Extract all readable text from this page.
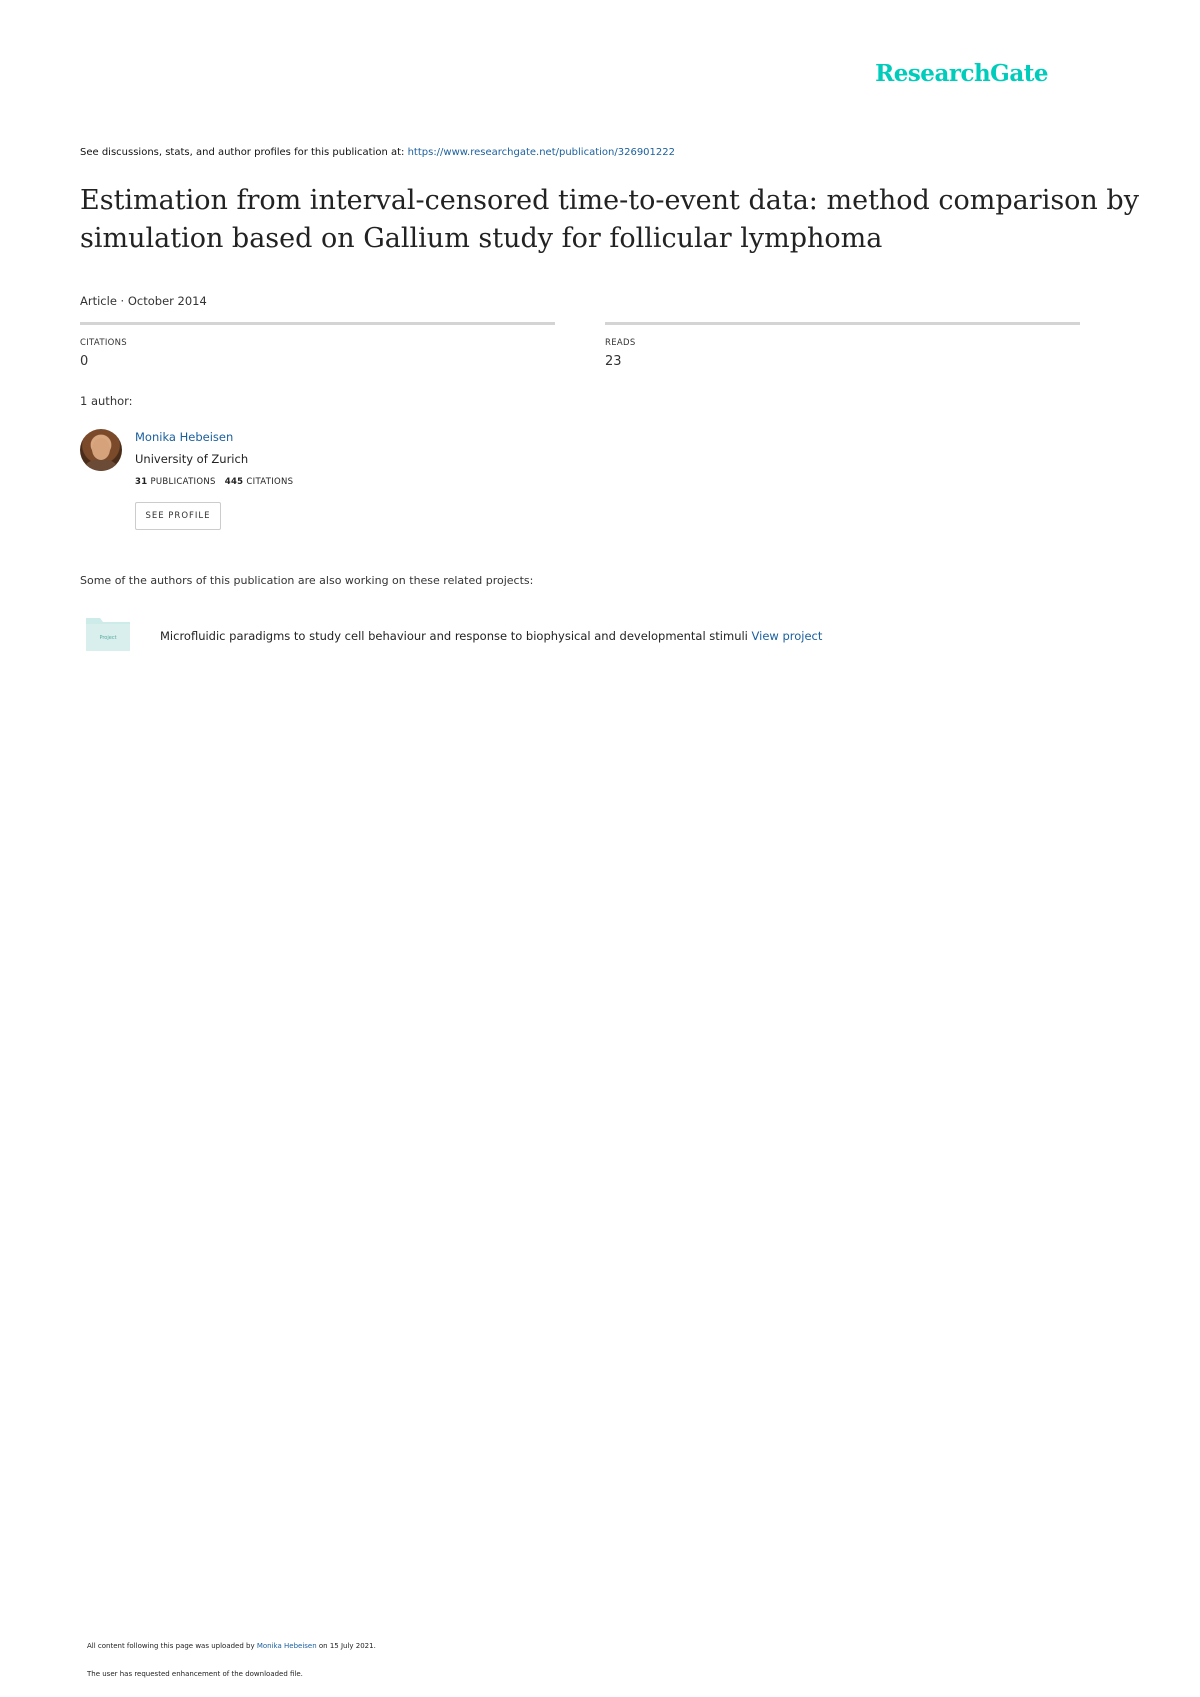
ResearchGate
See discussions, stats, and author profiles for this publication at: https://www.researchgate.net/publication/326901222
Estimation from interval-censored time-to-event data: method comparison by simulation based on Gallium study for follicular lymphoma
Article · October 2014
CITATIONS
0
READS
23
1 author:
Monika Hebeisen
University of Zurich
31 PUBLICATIONS 445 CITATIONS
SEE PROFILE
Some of the authors of this publication are also working on these related projects:
Project	Microfluidic paradigms to study cell behaviour and response to biophysical and developmental stimuli View project
All content following this page was uploaded by Monika Hebeisen on 15 July 2021.
The user has requested enhancement of the downloaded file.
